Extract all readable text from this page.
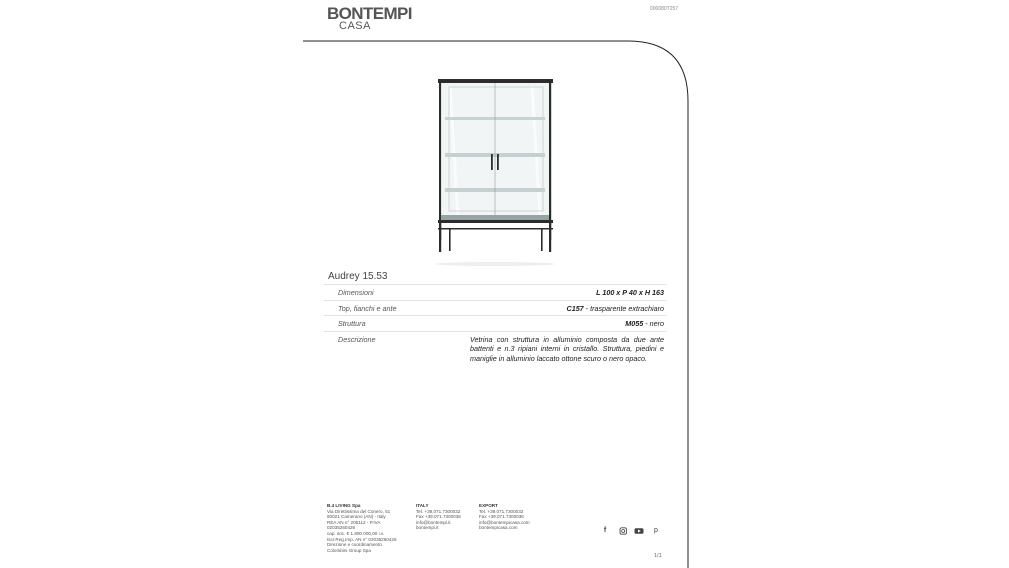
BONTEMPI
CASA
000080T257
Audrey 15.53
Dimensioni	L 100 x P 40 x H 163
Top, fianchi e ante	C157 - trasparente extrachiaro
Struttura	M055 - nero
Descrizione	Vetrina con struttura in alluminio composta da due ante battenti e n.3 ripiani interni in cristallo. Struttura, piedini e maniglie in alluminio laccato ottone scuro o nero opaco.
B.4 LIVING Spa
Via Direttissima del Conero, 51
60021 Camerano (AN) - Italy
REA AN n° 206112 - P.IVA
02035260426
cap. soc. € 1.800.000,00 i.v.
Iscr.Reg.Imp. AN n° 02035260426
Direzione e coordinamento
Colombini Group Spa
ITALY
Tel. +39.071.7300032
Fax +39.071.7300036
info@bontempi.it
bontempi.it
EXPORT
Tel. +39.071.7300032
Fax +39.071.7300036
info@bontempicasa.com
bontempicasa.com	f	p
1/1
